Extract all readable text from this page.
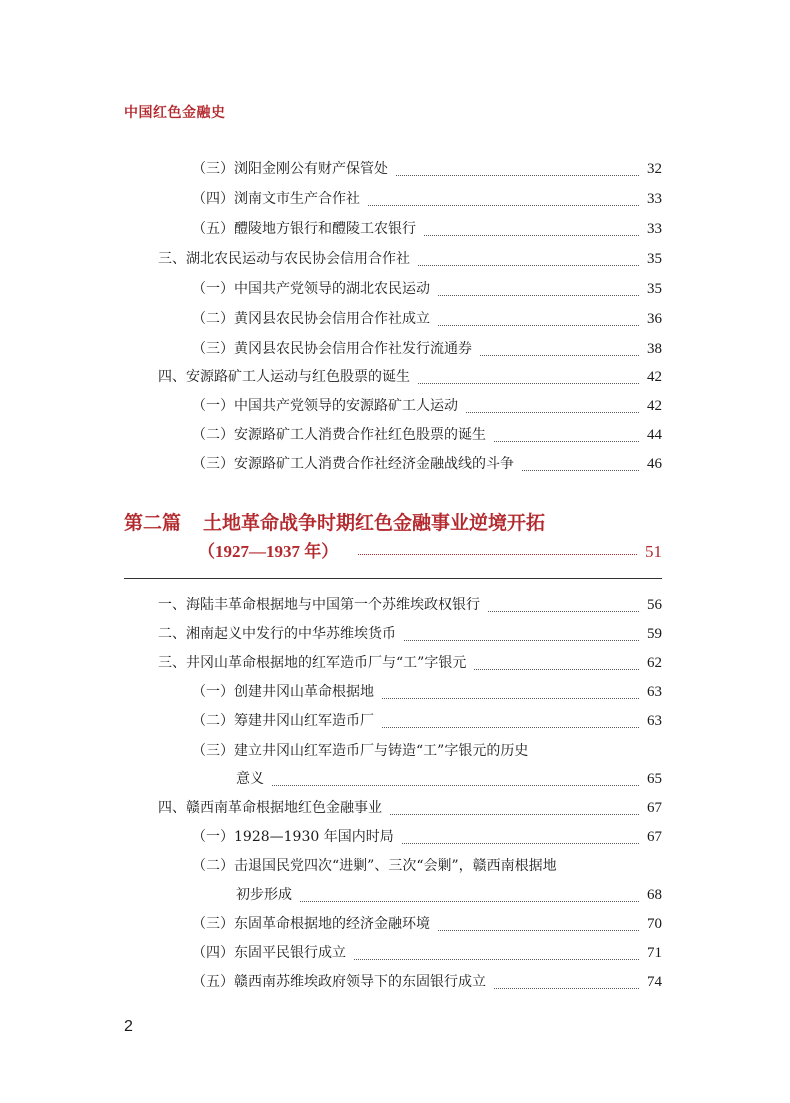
中国红色金融史
（三）浏阳金刚公有财产保管处	32
（四）浏南文市生产合作社	33
（五）醴陵地方银行和醴陵工农银行	33
三、湖北农民运动与农民协会信用合作社	35
（一）中国共产党领导的湖北农民运动	35
（二）黄冈县农民协会信用合作社成立	36
（三）黄冈县农民协会信用合作社发行流通券	38
四、安源路矿工人运动与红色股票的诞生	42
（一）中国共产党领导的安源路矿工人运动	42
（二）安源路矿工人消费合作社红色股票的诞生	44
（三）安源路矿工人消费合作社经济金融战线的斗争	46
第二篇 土地革命战争时期红色金融事业逆境开拓
（1927—1937 年）	51
一、海陆丰革命根据地与中国第一个苏维埃政权银行	56
二、湘南起义中发行的中华苏维埃货币	59
三、井冈山革命根据地的红军造币厂与“工”字银元	62
（一）创建井冈山革命根据地	63
（二）筹建井冈山红军造币厂	63
（三）建立井冈山红军造币厂与铸造“工”字银元的历史
意义	65
四、赣西南革命根据地红色金融事业	67
（一）1928—1930 年国内时局	67
（二）击退国民党四次“进剿”、三次“会剿”，赣西南根据地
初步形成	68
（三）东固革命根据地的经济金融环境	70
（四）东固平民银行成立	71
（五）赣西南苏维埃政府领导下的东固银行成立	74
2
